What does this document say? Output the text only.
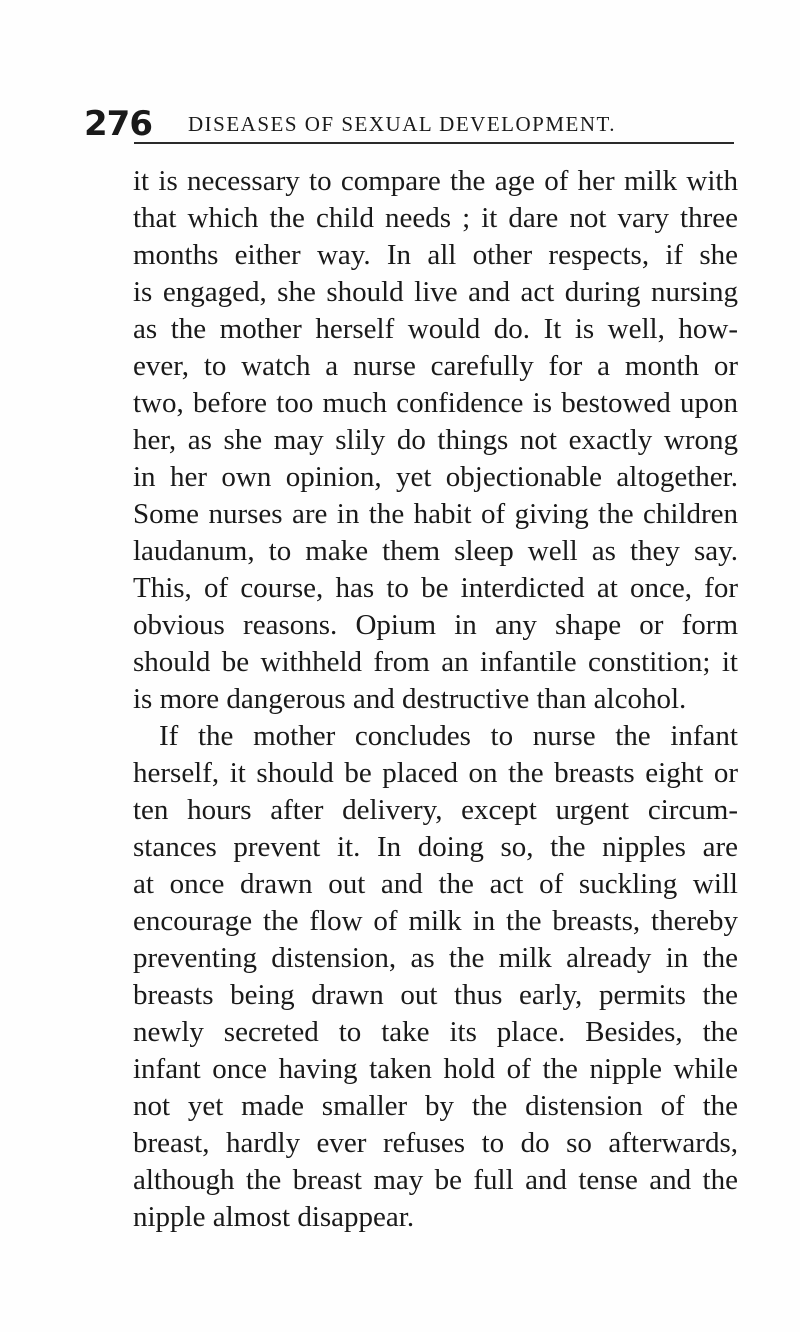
276 DISEASES OF SEXUAL DEVELOPMENT.
it is necessary to compare the age of her milk with
that which the child needs ; it dare not vary three
months either way. In all other respects, if she
is engaged, she should live and act during nursing
as the mother herself would do. It is well, how-
ever, to watch a nurse carefully for a month or
two, before too much confidence is bestowed upon
her, as she may slily do things not exactly wrong
in her own opinion, yet objectionable altogether.
Some nurses are in the habit of giving the children
laudanum, to make them sleep well as they say.
This, of course, has to be interdicted at once, for
obvious reasons. Opium in any shape or form
should be withheld from an infantile constition; it
is more dangerous and destructive than alcohol.
If the mother concludes to nurse the infant
herself, it should be placed on the breasts eight or
ten hours after delivery, except urgent circum-
stances prevent it. In doing so, the nipples are
at once drawn out and the act of suckling will
encourage the flow of milk in the breasts, thereby
preventing distension, as the milk already in the
breasts being drawn out thus early, permits the
newly secreted to take its place. Besides, the
infant once having taken hold of the nipple while
not yet made smaller by the distension of the
breast, hardly ever refuses to do so afterwards,
although the breast may be full and tense and the
nipple almost disappear.
